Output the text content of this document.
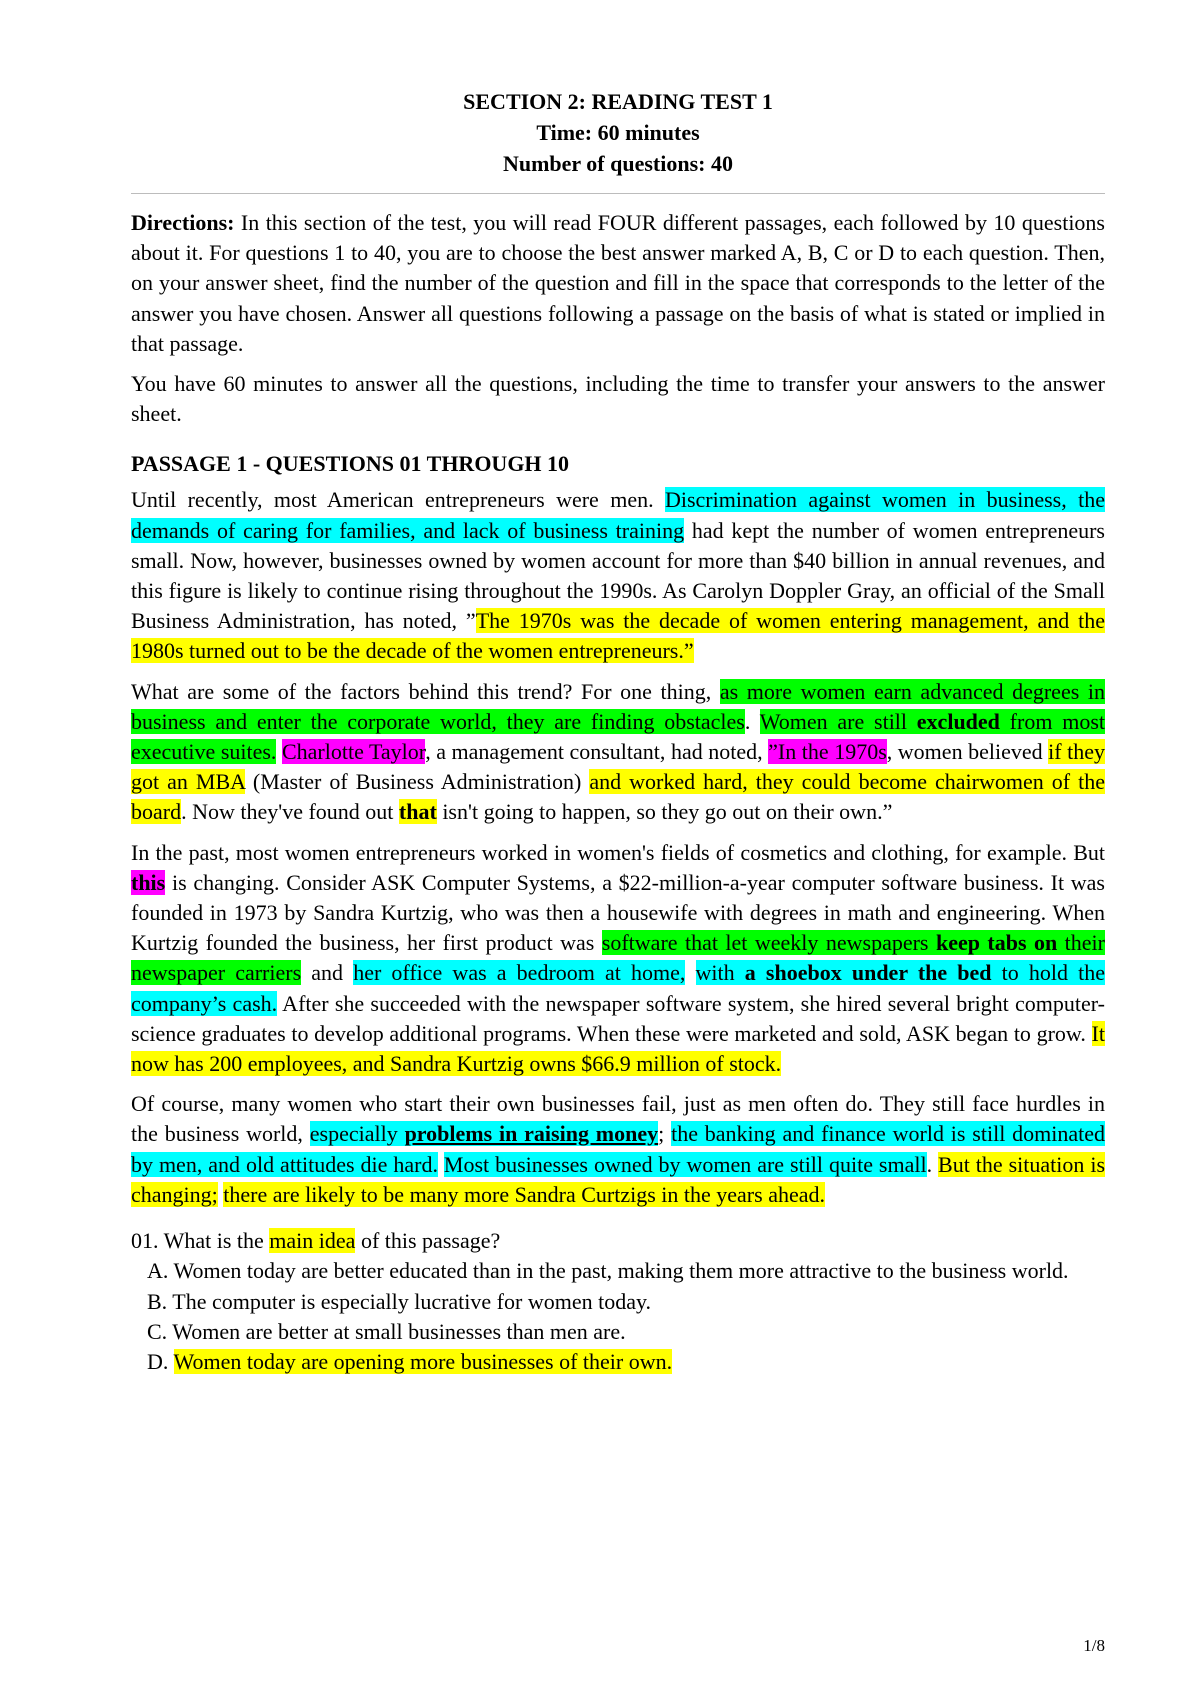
SECTION 2: READING TEST 1
Time: 60 minutes
Number of questions: 40

Directions: In this section of the test, you will read FOUR different passages, each followed by 10 questions about it. For questions 1 to 40, you are to choose the best answer marked A, B, C or D to each question. Then, on your answer sheet, find the number of the question and fill in the space that corresponds to the letter of the answer you have chosen. Answer all questions following a passage on the basis of what is stated or implied in that passage.

You have 60 minutes to answer all the questions, including the time to transfer your answers to the answer sheet.

PASSAGE 1 - QUESTIONS 01 THROUGH 10

Until recently, most American entrepreneurs were men. Discrimination against women in business, the demands of caring for families, and lack of business training had kept the number of women entrepreneurs small. Now, however, businesses owned by women account for more than $40 billion in annual revenues, and this figure is likely to continue rising throughout the 1990s. As Carolyn Doppler Gray, an official of the Small Business Administration, has noted, ”The 1970s was the decade of women entering management, and the 1980s turned out to be the decade of the women entrepreneurs.”

What are some of the factors behind this trend? For one thing, as more women earn advanced degrees in business and enter the corporate world, they are finding obstacles. Women are still excluded from most executive suites. Charlotte Taylor, a management consultant, had noted, ”In the 1970s, women believed if they got an MBA (Master of Business Administration) and worked hard, they could become chairwomen of the board. Now they've found out that isn't going to happen, so they go out on their own.”

In the past, most women entrepreneurs worked in women's fields of cosmetics and clothing, for example. But this is changing. Consider ASK Computer Systems, a $22-million-a-year computer software business. It was founded in 1973 by Sandra Kurtzig, who was then a housewife with degrees in math and engineering. When Kurtzig founded the business, her first product was software that let weekly newspapers keep tabs on their newspaper carriers and her office was a bedroom at home, with a shoebox under the bed to hold the company’s cash. After she succeeded with the newspaper software system, she hired several bright computer-science graduates to develop additional programs. When these were marketed and sold, ASK began to grow. It now has 200 employees, and Sandra Kurtzig owns $66.9 million of stock.

Of course, many women who start their own businesses fail, just as men often do. They still face hurdles in the business world, especially problems in raising money; the banking and finance world is still dominated by men, and old attitudes die hard. Most businesses owned by women are still quite small. But the situation is changing; there are likely to be many more Sandra Curtzigs in the years ahead.

01. What is the main idea of this passage?
A. Women today are better educated than in the past, making them more attractive to the business world.
B. The computer is especially lucrative for women today.
C. Women are better at small businesses than men are.
D. Women today are opening more businesses of their own.
1/8
